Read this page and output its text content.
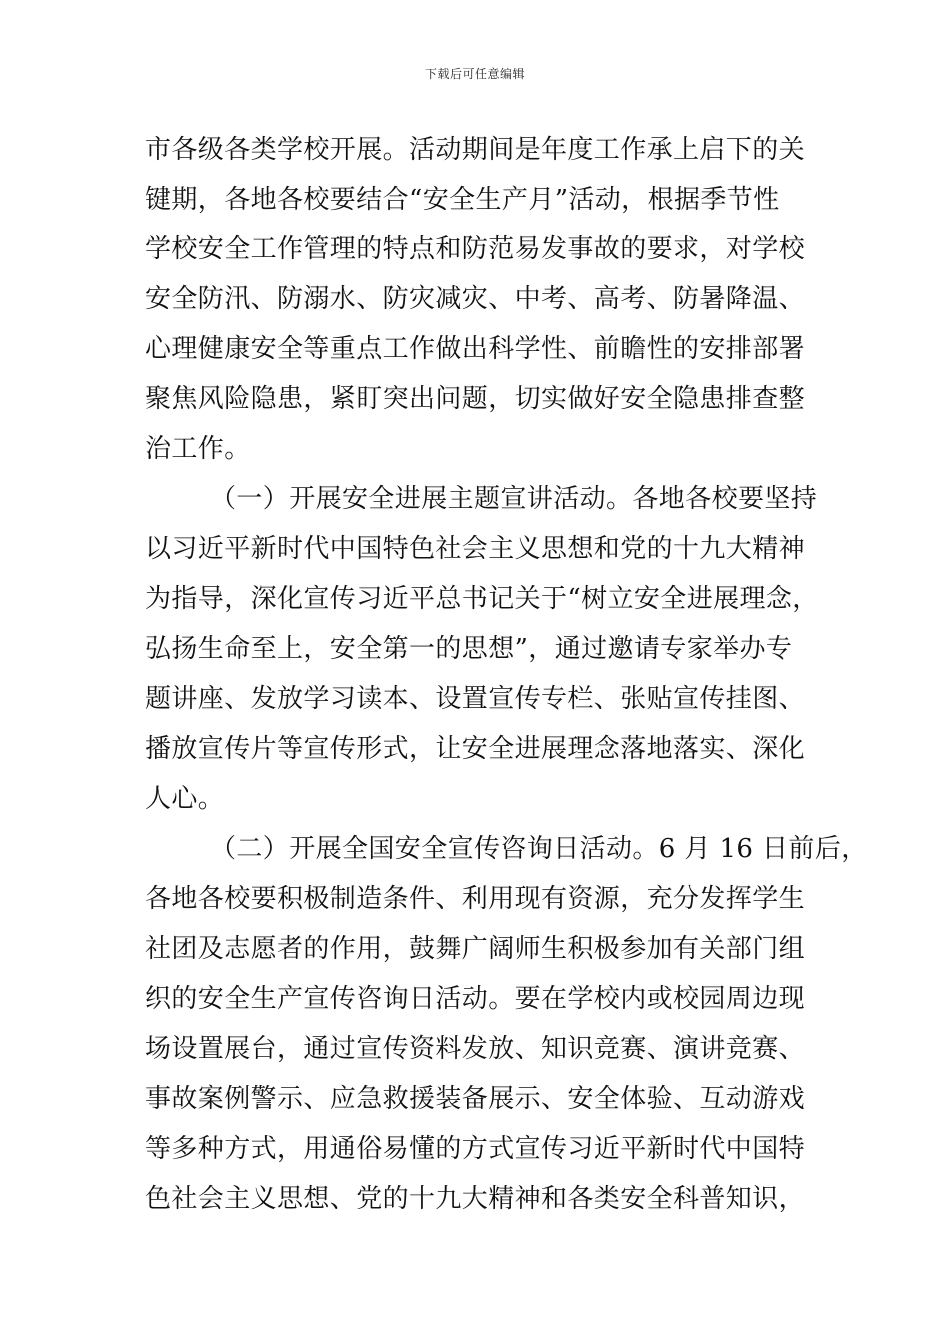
下载后可任意编辑
市各级各类学校开展。活动期间是年度工作承上启下的关
键期，各地各校要结合“安全生产月”活动，根据季节性
学校安全工作管理的特点和防范易发事故的要求，对学校
安全防汛、防溺水、防灾减灾、中考、高考、防暑降温、
心理健康安全等重点工作做出科学性、前瞻性的安排部署
聚焦风险隐患，紧盯突出问题，切实做好安全隐患排查整
治工作。
（一）开展安全进展主题宣讲活动。各地各校要坚持
以习近平新时代中国特色社会主义思想和党的十九大精神
为指导，深化宣传习近平总书记关于“树立安全进展理念，
弘扬生命至上，安全第一的思想”，通过邀请专家举办专
题讲座、发放学习读本、设置宣传专栏、张贴宣传挂图、
播放宣传片等宣传形式，让安全进展理念落地落实、深化
人心。
（二）开展全国安全宣传咨询日活动。6 月 16 日前后，
各地各校要积极制造条件、利用现有资源，充分发挥学生
社团及志愿者的作用，鼓舞广阔师生积极参加有关部门组
织的安全生产宣传咨询日活动。要在学校内或校园周边现
场设置展台，通过宣传资料发放、知识竞赛、演讲竞赛、
事故案例警示、应急救援装备展示、安全体验、互动游戏
等多种方式，用通俗易懂的方式宣传习近平新时代中国特
色社会主义思想、党的十九大精神和各类安全科普知识，
